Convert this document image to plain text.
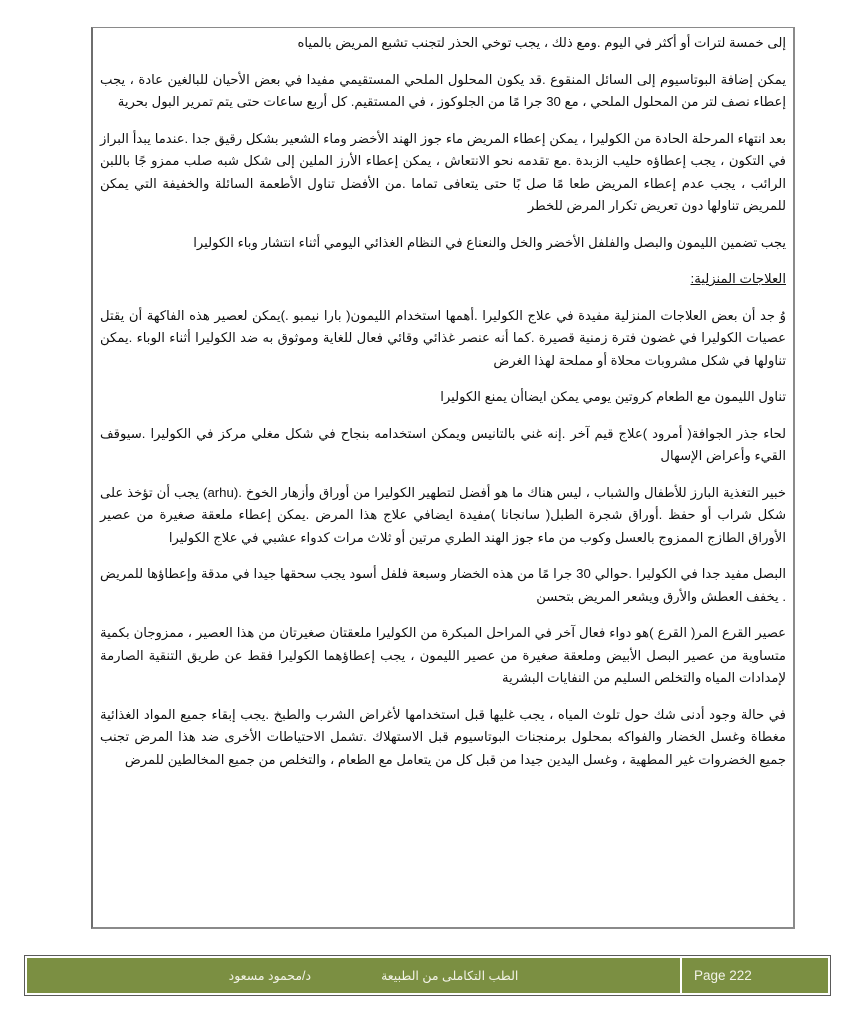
إلى خمسة لترات أو أكثر في اليوم .ومع ذلك ، يجب توخي الحذر لتجنب تشبع المريض بالمياه

يمكن إضافة البوتاسيوم إلى السائل المنقوع .قد يكون المحلول الملحي المستقيمي مفيدا في بعض الأحيان للبالغين عادة ، يجب إعطاء نصف لتر من المحلول الملحي ، مع 30 جرا مًا من الجلوكوز ، في المستقيم. كل أربع ساعات حتى يتم تمرير البول بحرية

بعد انتهاء المرحلة الحادة من الكوليرا ، يمكن إعطاء المريض ماء جوز الهند الأخضر وماء الشعير بشكل رقيق جدا .عندما يبدأ البراز في التكون ، يجب إعطاؤه حليب الزبدة .مع تقدمه نحو الانتعاش ، يمكن إعطاء الأرز الملين إلى شكل شبه صلب ممزو جًا باللبن الرائب ، يجب عدم إعطاء المريض طعا مًا صل بًا حتى يتعافى تماما .من الأفضل تناول الأطعمة السائلة والخفيفة التي يمكن للمريض تناولها دون تعريض تكرار المرض للخطر

يجب تضمين الليمون والبصل والفلفل الأخضر والخل والنعناع في النظام الغذائي اليومي أثناء انتشار وباء الكوليرا

العلاجات المنزلية:

وُ جد أن بعض العلاجات المنزلية مفيدة في علاج الكوليرا .أهمها استخدام الليمون( بارا نيمبو .)يمكن لعصير هذه الفاكهة أن يقتل عصيات الكوليرا في غضون فترة زمنية قصيرة .كما أنه عنصر غذائي وقائي فعال للغاية وموثوق به ضد الكوليرا أثناء الوباء .يمكن تناولها في شكل مشروبات محلاة أو مملحة لهذا الغرض

تناول الليمون مع الطعام كروتين يومي يمكن ايضاأن يمنع الكوليرا

لحاء جذر الجوافة( أمرود )علاج قيم آخر .إنه غني بالتانيس ويمكن استخدامه بنجاح في شكل مغلي مركز في الكوليرا .سيوقف القيء وأعراض الإسهال

خبير التغذية البارز للأطفال والشباب ، ليس هناك ما هو أفضل لتطهير الكوليرا من أوراق وأزهار الخوخ .(arhu) يجب أن تؤخذ على شكل شراب أو حفظ .أوراق شجرة الطبل( سانجانا )مفيدة ايضافي علاج هذا المرض .يمكن إعطاء ملعقة صغيرة من عصير الأوراق الطازج الممزوج بالعسل وكوب من ماء جوز الهند الطري مرتين أو ثلاث مرات كدواء عشبي في علاج الكوليرا

البصل مفيد جدا في الكوليرا .حوالي 30 جرا مًا من هذه الخضار وسبعة فلفل أسود يجب سحقها جيدا في مدقة وإعطاؤها للمريض . يخفف العطش والأرق ويشعر المريض بتحسن

عصير القرع المر( القرع )هو دواء فعال آخر في المراحل المبكرة من الكوليرا ملعقتان صغيرتان من هذا العصير ، ممزوجان بكمية متساوية من عصير البصل الأبيض وملعقة صغيرة من عصير الليمون ، يجب إعطاؤهما الكوليرا فقط عن طريق التنقية الصارمة لإمدادات المياه والتخلص السليم من النفايات البشرية

في حالة وجود أدنى شك حول تلوث المياه ، يجب غليها قبل استخدامها لأغراض الشرب والطبخ .يجب إبقاء جميع المواد الغذائية مغطاة وغسل الخضار والفواكه بمحلول برمنجنات البوتاسيوم قبل الاستهلاك .تشمل الاحتياطات الأخرى ضد هذا المرض تجنب جميع الخضروات غير المطهية ، وغسل اليدين جيدا من قبل كل من يتعامل مع الطعام ، والتخلص من جميع المخالطين للمرض

الطب التكاملى من الطبيعة
د/محمود مسعود	Page 222
